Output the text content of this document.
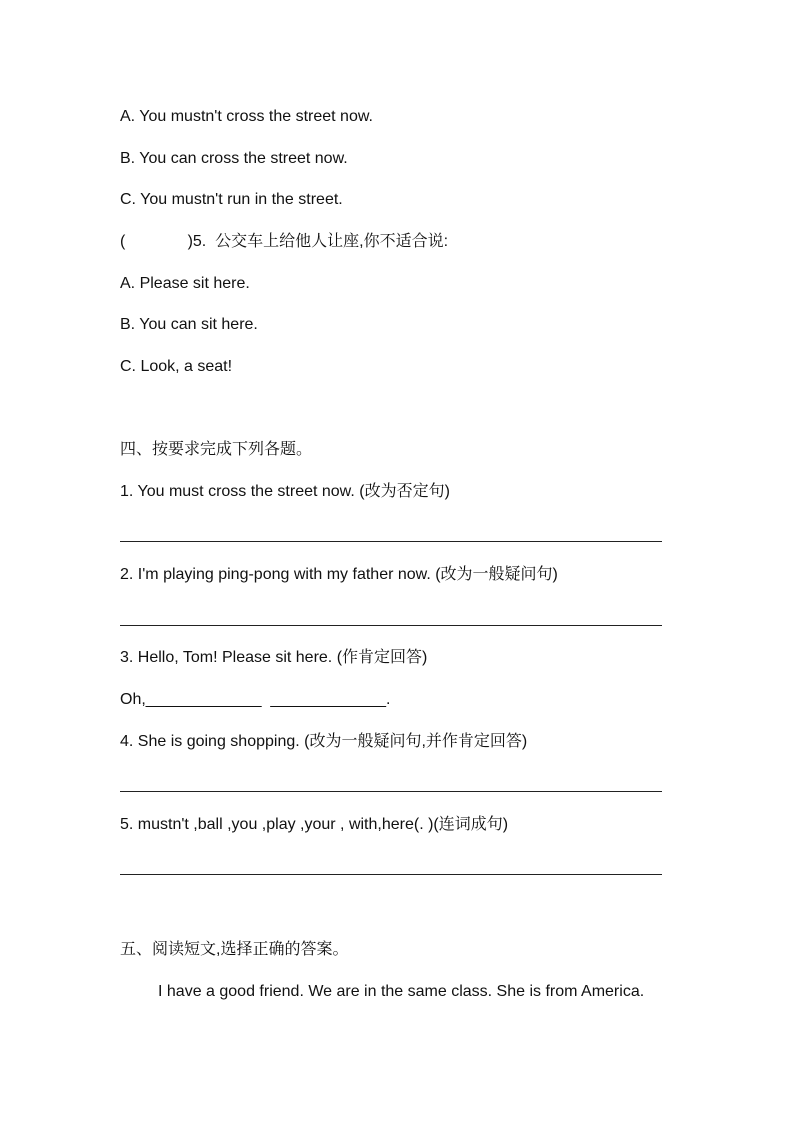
A. You mustn't cross the street now.
B. You can cross the street now.
C. You mustn't run in the street.
(              )5.  公交车上给他人让座,你不适合说:
A. Please sit here.
B. You can sit here.
C. Look, a seat!
四、按要求完成下列各题。
1. You must cross the street now. (改为否定句)
2. I'm playing ping-pong with my father now. (改为一般疑问句)
3. Hello, Tom! Please sit here. (作肯定回答)
Oh,_____________  _____________.
4. She is going shopping. (改为一般疑问句,并作肯定回答)
5. mustn't ,ball ,you ,play ,your , with,here(. )(连词成句)
五、阅读短文,选择正确的答案。
I have a good friend. We are in the same class. She is from America.
